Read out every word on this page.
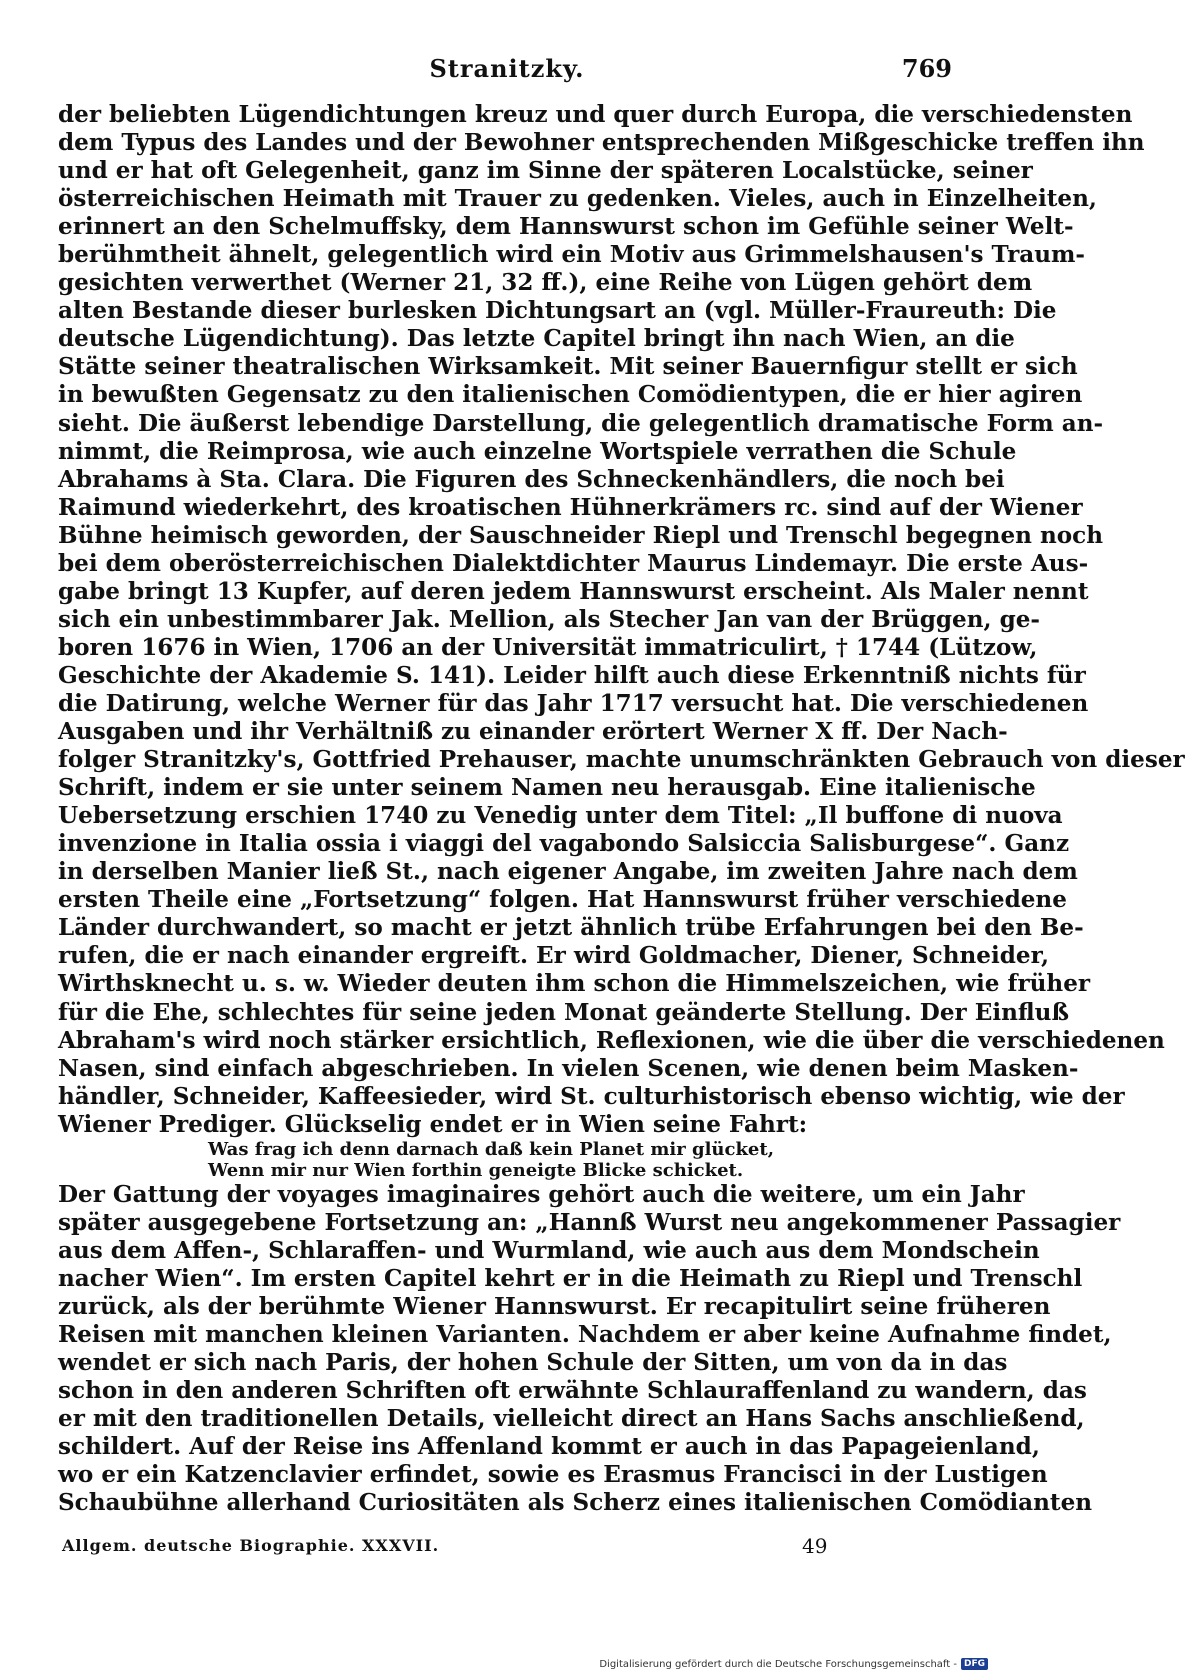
Stranitzky.	769
der beliebten Lügendichtungen kreuz und quer durch Europa, die verschiedensten
dem Typus des Landes und der Bewohner entsprechenden Mißgeschicke treffen ihn
und er hat oft Gelegenheit, ganz im Sinne der späteren Localstücke, seiner
österreichischen Heimath mit Trauer zu gedenken. Vieles, auch in Einzelheiten,
erinnert an den Schelmuffsky, dem Hannswurst schon im Gefühle seiner Welt-
berühmtheit ähnelt, gelegentlich wird ein Motiv aus Grimmelshausen's Traum-
gesichten verwerthet (Werner 21, 32 ff.), eine Reihe von Lügen gehört dem
alten Bestande dieser burlesken Dichtungsart an (vgl. Müller-Fraureuth: Die
deutsche Lügendichtung). Das letzte Capitel bringt ihn nach Wien, an die
Stätte seiner theatralischen Wirksamkeit. Mit seiner Bauernfigur stellt er sich
in bewußten Gegensatz zu den italienischen Comödientypen, die er hier agiren
sieht. Die äußerst lebendige Darstellung, die gelegentlich dramatische Form an-
nimmt, die Reimprosa, wie auch einzelne Wortspiele verrathen die Schule
Abrahams à Sta. Clara. Die Figuren des Schneckenhändlers, die noch bei
Raimund wiederkehrt, des kroatischen Hühnerkrämers rc. sind auf der Wiener
Bühne heimisch geworden, der Sauschneider Riepl und Trenschl begegnen noch
bei dem oberösterreichischen Dialektdichter Maurus Lindemayr. Die erste Aus-
gabe bringt 13 Kupfer, auf deren jedem Hannswurst erscheint. Als Maler nennt
sich ein unbestimmbarer Jak. Mellion, als Stecher Jan van der Brüggen, ge-
boren 1676 in Wien, 1706 an der Universität immatriculirt, † 1744 (Lützow,
Geschichte der Akademie S. 141). Leider hilft auch diese Erkenntniß nichts für
die Datirung, welche Werner für das Jahr 1717 versucht hat. Die verschiedenen
Ausgaben und ihr Verhältniß zu einander erörtert Werner X ff. Der Nach-
folger Stranitzky's, Gottfried Prehauser, machte unumschränkten Gebrauch von dieser
Schrift, indem er sie unter seinem Namen neu herausgab. Eine italienische
Uebersetzung erschien 1740 zu Venedig unter dem Titel: „Il buffone di nuova
invenzione in Italia ossia i viaggi del vagabondo Salsiccia Salisburgese“. Ganz
in derselben Manier ließ St., nach eigener Angabe, im zweiten Jahre nach dem
ersten Theile eine „Fortsetzung“ folgen. Hat Hannswurst früher verschiedene
Länder durchwandert, so macht er jetzt ähnlich trübe Erfahrungen bei den Be-
rufen, die er nach einander ergreift. Er wird Goldmacher, Diener, Schneider,
Wirthsknecht u. s. w. Wieder deuten ihm schon die Himmelszeichen, wie früher
für die Ehe, schlechtes für seine jeden Monat geänderte Stellung. Der Einfluß
Abraham's wird noch stärker ersichtlich, Reflexionen, wie die über die verschiedenen
Nasen, sind einfach abgeschrieben. In vielen Scenen, wie denen beim Masken-
händler, Schneider, Kaffeesieder, wird St. culturhistorisch ebenso wichtig, wie der
Wiener Prediger. Glückselig endet er in Wien seine Fahrt:
Was frag ich denn darnach daß kein Planet mir glücket,
Wenn mir nur Wien forthin geneigte Blicke schicket.
Der Gattung der voyages imaginaires gehört auch die weitere, um ein Jahr
später ausgegebene Fortsetzung an: „Hannß Wurst neu angekommener Passagier
aus dem Affen-, Schlaraffen- und Wurmland, wie auch aus dem Mondschein
nacher Wien“. Im ersten Capitel kehrt er in die Heimath zu Riepl und Trenschl
zurück, als der berühmte Wiener Hannswurst. Er recapitulirt seine früheren
Reisen mit manchen kleinen Varianten. Nachdem er aber keine Aufnahme findet,
wendet er sich nach Paris, der hohen Schule der Sitten, um von da in das
schon in den anderen Schriften oft erwähnte Schlauraffenland zu wandern, das
er mit den traditionellen Details, vielleicht direct an Hans Sachs anschließend,
schildert. Auf der Reise ins Affenland kommt er auch in das Papageienland,
wo er ein Katzenclavier erfindet, sowie es Erasmus Francisci in der Lustigen
Schaubühne allerhand Curiositäten als Scherz eines italienischen Comödianten
Allgem. deutsche Biographie. XXXVII.	49
Digitalisierung gefördert durch die Deutsche Forschungsgemeinschaft - DFG
